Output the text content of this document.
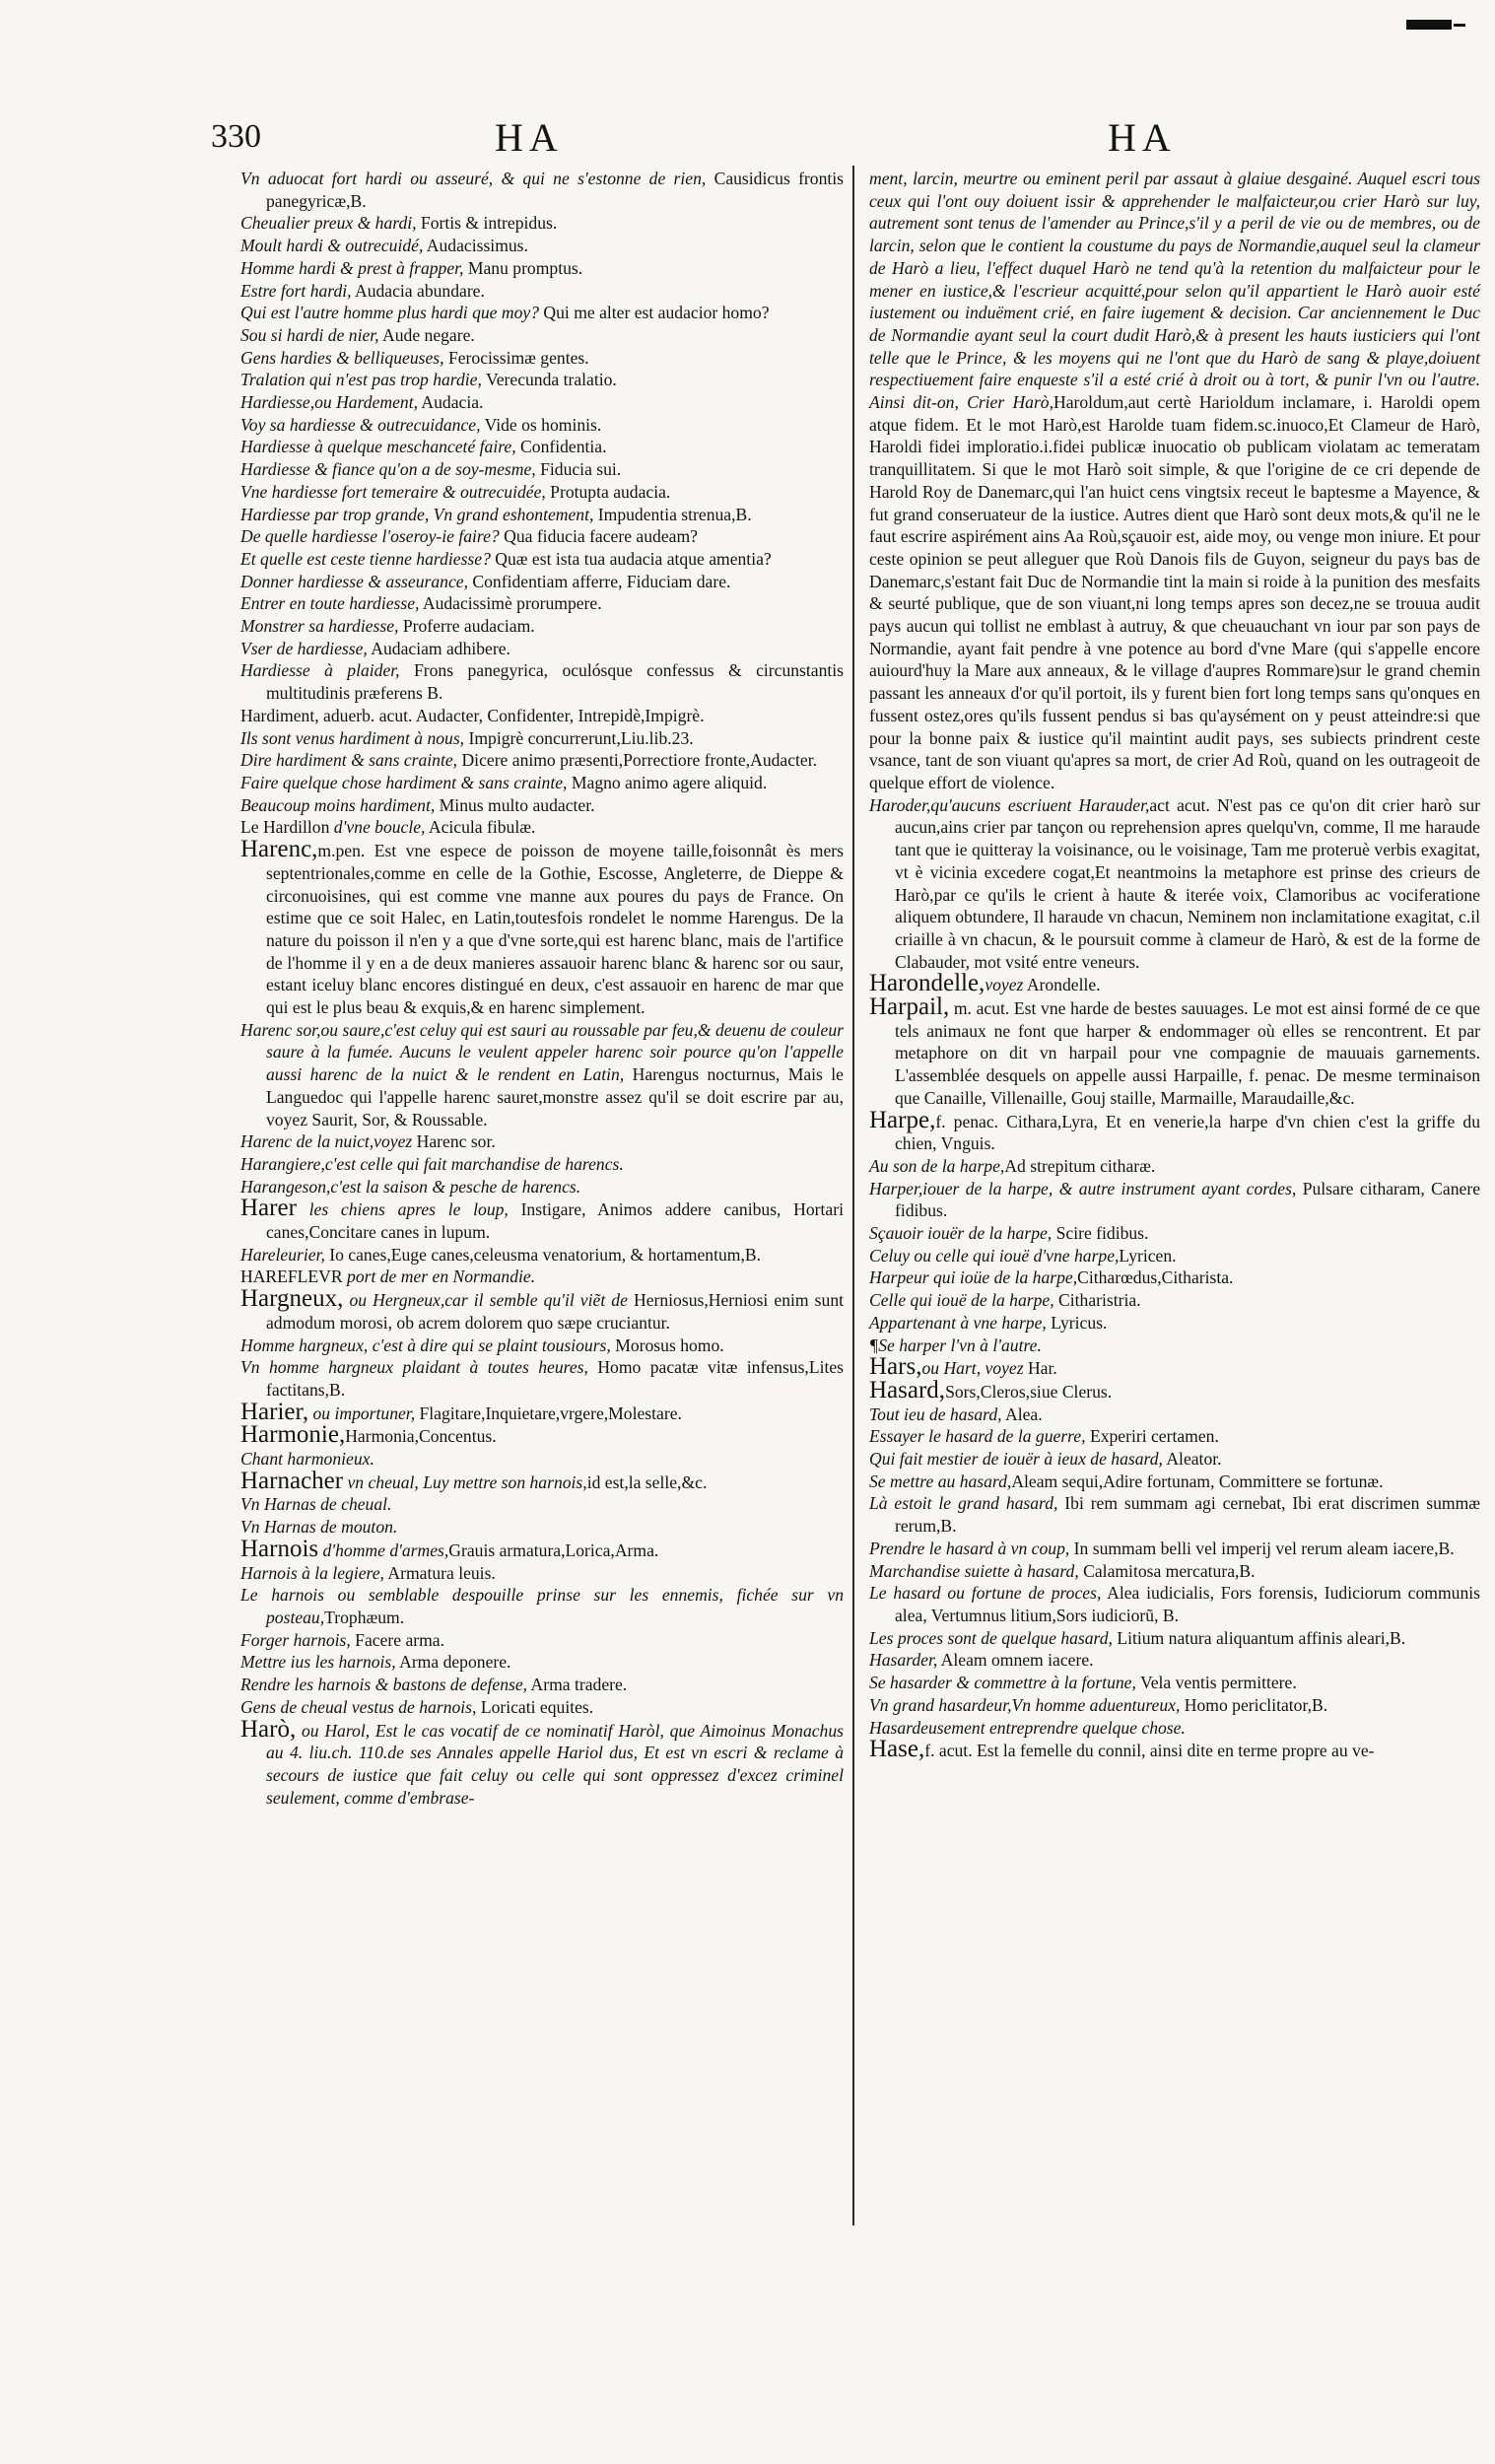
330	HA	HA

Vn aduocat fort hardi ou asseuré, & qui ne s'estonne de rien, Causidicus frontis panegyricæ,B.

Cheualier preux & hardi, Fortis & intrepidus.

Moult hardi & outrecuidé, Audacissimus.

Homme hardi & prest à frapper, Manu promptus.

Estre fort hardi, Audacia abundare.

Qui est l'autre homme plus hardi que moy? Qui me alter est audacior homo?

Sou si hardi de nier, Aude negare.

Gens hardies & belliqueuses, Ferocissimæ gentes.

Tralation qui n'est pas trop hardie, Verecunda tralatio.

Hardiesse,ou Hardement, Audacia.

Voy sa hardiesse & outrecuidance, Vide os hominis.

Hardiesse à quelque meschanceté faire, Confidentia.

Hardiesse & fiance qu'on a de soy-mesme, Fiducia sui.

Vne hardiesse fort temeraire & outrecuidée, Protupta audacia.

Hardiesse par trop grande, Vn grand eshontement, Impudentia strenua,B.

De quelle hardiesse l'oseroy-ie faire? Qua fiducia facere audeam?

Et quelle est ceste tienne hardiesse? Quæ est ista tua audacia atque amentia?

Donner hardiesse & asseurance, Confidentiam afferre, Fiduciam dare.

Entrer en toute hardiesse, Audacissimè prorumpere.

Monstrer sa hardiesse, Proferre audaciam.

Vser de hardiesse, Audaciam adhibere.

Hardiesse à plaider, Frons panegyrica, oculósque confessus & circunstantis multitudinis præferens B.

Hardiment, aduerb. acut. Audacter, Confidenter, Intrepidè,Impigrè.

Ils sont venus hardiment à nous, Impigrè concurrerunt,Liu.lib.23.

Dire hardiment & sans crainte, Dicere animo præsenti,Porrectiore fronte,Audacter.

Faire quelque chose hardiment & sans crainte, Magno animo agere aliquid.

Beaucoup moins hardiment, Minus multo audacter.

Le Hardillon d'vne boucle, Acicula fibulæ.

Harenc,m.pen. Est vne espece de poisson de moyene taille,foisonnât ès mers septentrionales,comme en celle de la Gothie, Escosse, Angleterre, de Dieppe & circonuoisines, qui est comme vne manne aux poures du pays de France. On estime que ce soit Halec, en Latin,toutesfois rondelet le nomme Harengus. De la nature du poisson il n'en y a que d'vne sorte,qui est harenc blanc, mais de l'artifice de l'homme il y en a de deux manieres assauoir harenc blanc & harenc sor ou saur, estant iceluy blanc encores distingué en deux, c'est assauoir en harenc de mar que qui est le plus beau & exquis,& en harenc simplement.

Harenc sor,ou saure,c'est celuy qui est sauri au roussable par feu,& deuenu de couleur saure à la fumée. Aucuns le veulent appeler harenc soir pource qu'on l'appelle aussi harenc de la nuict & le rendent en Latin, Harengus nocturnus, Mais le Languedoc qui l'appelle harenc sauret,monstre assez qu'il se doit escrire par au, voyez Saurit, Sor, & Roussable.

Harenc de la nuict,voyez Harenc sor.

Harangiere,c'est celle qui fait marchandise de harencs.

Harangeson,c'est la saison & pesche de harencs.

Harer les chiens apres le loup, Instigare, Animos addere canibus, Hortari canes,Concitare canes in lupum.

Hareleurier, Io canes,Euge canes,celeusma venatorium, & hortamentum,B.

HAREFLEVR port de mer en Normandie.

Hargneux, ou Hergneux,car il semble qu'il viẽt de Herniosus,Herniosi enim sunt admodum morosi, ob acrem dolorem quo sæpe cruciantur.

Homme hargneux, c'est à dire qui se plaint tousiours, Morosus homo.

Vn homme hargneux plaidant à toutes heures, Homo pacatæ vitæ infensus,Lites factitans,B.

Harier, ou importuner, Flagitare,Inquietare,vrgere,Molestare.

Harmonie,Harmonia,Concentus.

Chant harmonieux.

Harnacher vn cheual, Luy mettre son harnois,id est,la selle,&c.

Vn Harnas de cheual.

Vn Harnas de mouton.

Harnois d'homme d'armes,Grauis armatura,Lorica,Arma.

Harnois à la legiere, Armatura leuis.

Le harnois ou semblable despouille prinse sur les ennemis, fichée sur vn posteau,Trophæum.

Forger harnois, Facere arma.

Mettre ius les harnois, Arma deponere.

Rendre les harnois & bastons de defense, Arma tradere.

Gens de cheual vestus de harnois, Loricati equites.

Harò, ou Harol, Est le cas vocatif de ce nominatif Haròl, que Aimoinus Monachus au 4. liu.ch. 110.de ses Annales appelle Hariol dus, Et est vn escri & reclame à secours de iustice que fait celuy ou celle qui sont oppressez d'excez criminel seulement, comme d'embrase-

ment, larcin, meurtre ou eminent peril par assaut à glaiue desgainé. Auquel escri tous ceux qui l'ont ouy doiuent issir & apprehender le malfaicteur,ou crier Harò sur luy, autrement sont tenus de l'amender au Prince,s'il y a peril de vie ou de membres, ou de larcin, selon que le contient la coustume du pays de Normandie,auquel seul la clameur de Harò a lieu, l'effect duquel Harò ne tend qu'à la retention du malfaicteur pour le mener en iustice,& l'escrieur acquitté,pour selon qu'il appartient le Harò auoir esté iustement ou induëment crié, en faire iugement & decision. Car anciennement le Duc de Normandie ayant seul la court dudit Harò,& à present les hauts iusticiers qui l'ont telle que le Prince, & les moyens qui ne l'ont que du Harò de sang & playe,doiuent respectiuement faire enqueste s'il a esté crié à droit ou à tort, & punir l'vn ou l'autre. Ainsi dit-on, Crier Harò,Haroldum,aut certè Harioldum inclamare, i. Haroldi opem atque fidem. Et le mot Harò,est Harolde tuam fidem.sc.inuoco,Et Clameur de Harò, Haroldi fidei imploratio.i.fidei publicæ inuocatio ob publicam violatam ac temeratam tranquillitatem. Si que le mot Harò soit simple, & que l'origine de ce cri depende de Harold Roy de Danemarc,qui l'an huict cens vingtsix receut le baptesme a Mayence, & fut grand conseruateur de la iustice. Autres dient que Harò sont deux mots,& qu'il ne le faut escrire aspirément ains Aa Roù,sçauoir est, aide moy, ou venge mon iniure. Et pour ceste opinion se peut alleguer que Roù Danois fils de Guyon, seigneur du pays bas de Danemarc,s'estant fait Duc de Normandie tint la main si roide à la punition des mesfaits & seurté publique, que de son viuant,ni long temps apres son decez,ne se trouua audit pays aucun qui tollist ne emblast à autruy, & que cheuauchant vn iour par son pays de Normandie, ayant fait pendre à vne potence au bord d'vne Mare (qui s'appelle encore auiourd'huy la Mare aux anneaux, & le village d'aupres Rommare)sur le grand chemin passant les anneaux d'or qu'il portoit, ils y furent bien fort long temps sans qu'onques en fussent ostez,ores qu'ils fussent pendus si bas qu'aysément on y peust atteindre:si que pour la bonne paix & iustice qu'il maintint audit pays, ses subiects prindrent ceste vsance, tant de son viuant qu'apres sa mort, de crier Ad Roù, quand on les outrageoit de quelque effort de violence.

Haroder,qu'aucuns escriuent Harauder,act acut. N'est pas ce qu'on dit crier harò sur aucun,ains crier par tançon ou reprehension apres quelqu'vn, comme, Il me haraude tant que ie quitteray la voisinance, ou le voisinage, Tam me proteruè verbis exagitat, vt è vicinia excedere cogat,Et neantmoins la metaphore est prinse des crieurs de Harò,par ce qu'ils le crient à haute & iterée voix, Clamoribus ac vociferatione aliquem obtundere, Il haraude vn chacun, Neminem non inclamitatione exagitat, c.il criaille à vn chacun, & le poursuit comme à clameur de Harò, & est de la forme de Clabauder, mot vsité entre veneurs.

Harondelle,voyez Arondelle.

Harpail, m. acut. Est vne harde de bestes sauuages. Le mot est ainsi formé de ce que tels animaux ne font que harper & endommager où elles se rencontrent. Et par metaphore on dit vn harpail pour vne compagnie de mauuais garnements. L'assemblée desquels on appelle aussi Harpaille, f. penac. De mesme terminaison que Canaille, Villenaille, Gouj staille, Marmaille, Maraudaille,&c.

Harpe,f. penac. Cithara,Lyra, Et en venerie,la harpe d'vn chien c'est la griffe du chien, Vnguis.

Au son de la harpe,Ad strepitum citharæ.

Harper,iouer de la harpe, & autre instrument ayant cordes, Pulsare citharam, Canere fidibus.

Sçauoir iouër de la harpe, Scire fidibus.

Celuy ou celle qui iouë d'vne harpe,Lyricen.

Harpeur qui ioüe de la harpe,Citharœdus,Citharista.

Celle qui iouë de la harpe, Citharistria.

Appartenant à vne harpe, Lyricus.

¶Se harper l'vn à l'autre.

Hars,ou Hart, voyez Har.

Hasard,Sors,Cleros,siue Clerus.

Tout ieu de hasard, Alea.

Essayer le hasard de la guerre, Experiri certamen.

Qui fait mestier de iouër à ieux de hasard, Aleator.

Se mettre au hasard,Aleam sequi,Adire fortunam, Committere se fortunæ.

Là estoit le grand hasard, Ibi rem summam agi cernebat, Ibi erat discrimen summæ rerum,B.

Prendre le hasard à vn coup, In summam belli vel imperij vel rerum aleam iacere,B.

Marchandise suiette à hasard, Calamitosa mercatura,B.

Le hasard ou fortune de proces, Alea iudicialis, Fors forensis, Iudiciorum communis alea, Vertumnus litium,Sors iudiciorũ, B.

Les proces sont de quelque hasard, Litium natura aliquantum affinis aleari,B.

Hasarder, Aleam omnem iacere.

Se hasarder & commettre à la fortune, Vela ventis permittere.

Vn grand hasardeur,Vn homme aduentureux, Homo periclitator,B.

Hasardeusement entreprendre quelque chose.

Hase,f. acut. Est la femelle du connil, ainsi dite en terme propre au ve-
